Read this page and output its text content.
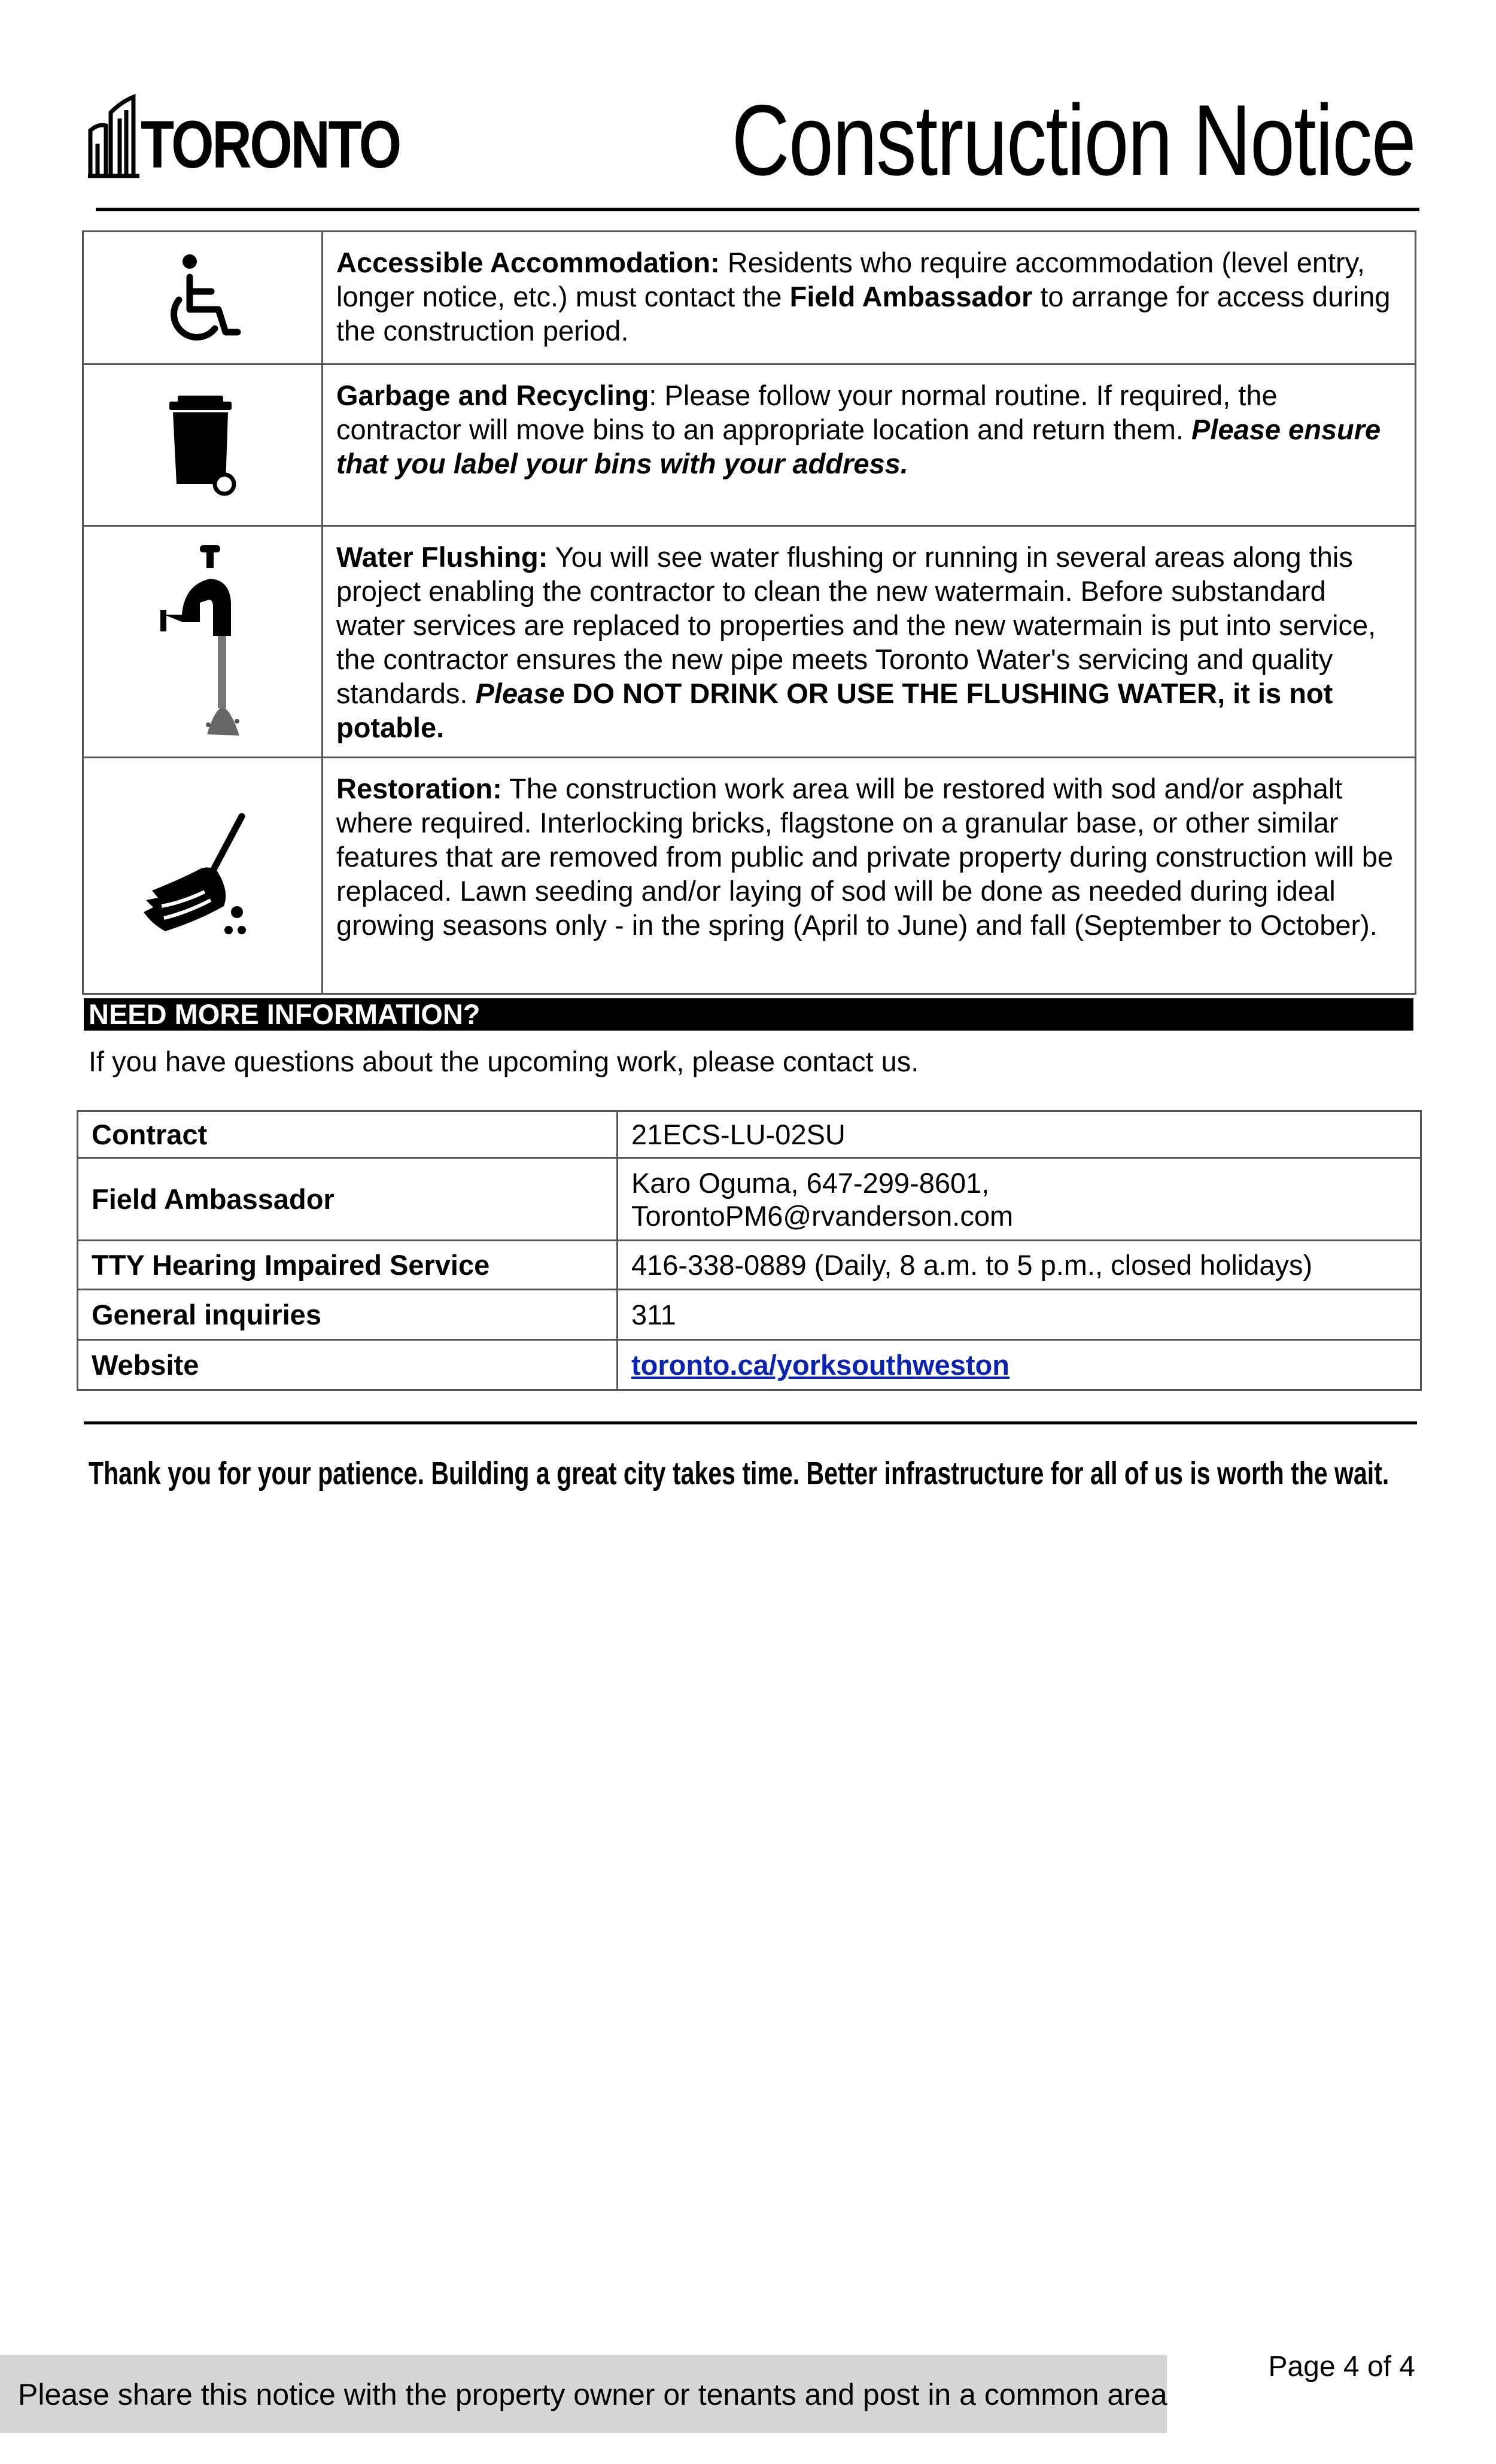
TORONTO	Construction Notice
	Accessible Accommodation: Residents who require accommodation (level entry, longer notice, etc.) must contact the Field Ambassador to arrange for access during the construction period.

	Garbage and Recycling: Please follow your normal routine. If required, the contractor will move bins to an appropriate location and return them. Please ensure that you label your bins with your address.

	Water Flushing: You will see water flushing or running in several areas along this project enabling the contractor to clean the new watermain. Before substandard water services are replaced to properties and the new watermain is put into service, the contractor ensures the new pipe meets Toronto Water's servicing and quality standards. Please DO NOT DRINK OR USE THE FLUSHING WATER, it is not potable.

	Restoration: The construction work area will be restored with sod and/or asphalt where required. Interlocking bricks, flagstone on a granular base, or other similar features that are removed from public and private property during construction will be replaced. Lawn seeding and/or laying of sod will be done as needed during ideal growing seasons only - in the spring (April to June) and fall (September to October).
NEED MORE INFORMATION?
If you have questions about the upcoming work, please contact us.
Contract	21ECS-LU-02SU
Field Ambassador	Karo Oguma, 647-299-8601,
TorontoPM6@rvanderson.com

TTY Hearing Impaired Service	416-338-0889 (Daily, 8 a.m. to 5 p.m., closed holidays)
General inquiries	311
Website	toronto.ca/yorksouthweston
Thank you for your patience. Building a great city takes time. Better infrastructure for all of us is worth the wait.
Please share this notice with the property owner or tenants and post in a common area
Page 4 of 4
